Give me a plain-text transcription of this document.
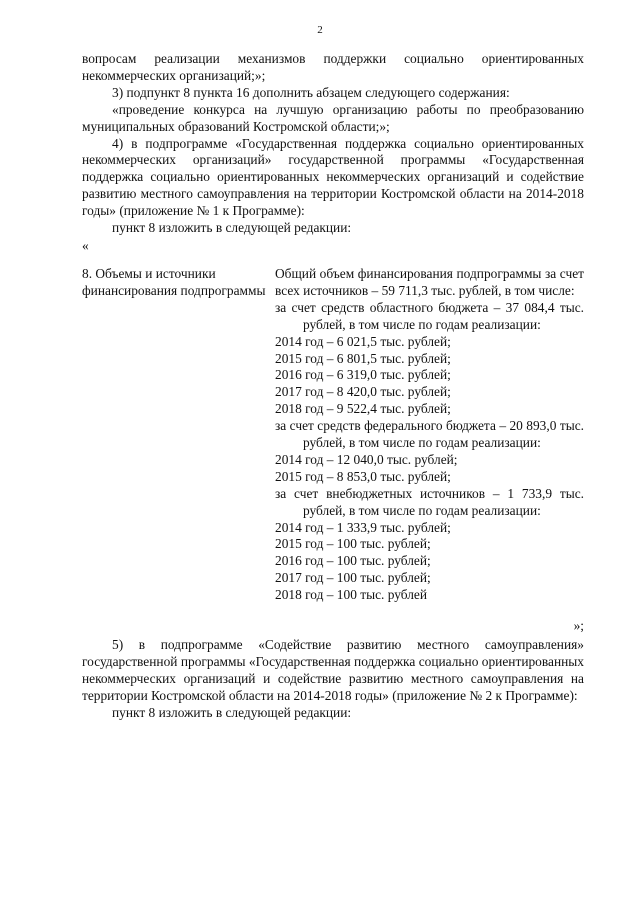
2

вопросам реализации механизмов поддержки социально ориентированных некоммерческих организаций;»;

3) подпункт 8 пункта 16 дополнить абзацем следующего содержания:

«проведение конкурса на лучшую организацию работы по преобразованию муниципальных образований Костромской области;»;

4) в подпрограмме «Государственная поддержка социально ориентированных некоммерческих организаций» государственной программы «Государственная поддержка социально ориентированных некоммерческих организаций и содействие развитию местного самоуправления на территории Костромской области на 2014-2018 годы» (приложение № 1 к Программе):

пункт 8 изложить в следующей редакции:

«

8. Объемы и источники финансирования подпрограммы

Общий объем финансирования подпрограммы за счет всех источников – 59 711,3 тыс. рублей, в том числе:

за счет средств областного бюджета – 37 084,4 тыс. рублей, в том числе по годам реализации:

2014 год – 6 021,5 тыс. рублей;
2015 год – 6 801,5 тыс. рублей;
2016 год – 6 319,0 тыс. рублей;
2017 год – 8 420,0 тыс. рублей;
2018 год – 9 522,4 тыс. рублей;

за счет средств федерального бюджета – 20 893,0 тыс. рублей, в том числе по годам реализации:

2014 год – 12 040,0 тыс. рублей;
2015 год – 8 853,0 тыс. рублей;

за счет внебюджетных источников – 1 733,9 тыс. рублей, в том числе по годам реализации:

2014 год – 1 333,9 тыс. рублей;
2015 год – 100 тыс. рублей;
2016 год – 100 тыс. рублей;
2017 год – 100 тыс. рублей;
2018 год – 100 тыс. рублей

»;

5) в подпрограмме «Содействие развитию местного самоуправления» государственной программы «Государственная поддержка социально ориентированных некоммерческих организаций и содействие развитию местного самоуправления на территории Костромской области на 2014-2018 годы» (приложение № 2 к Программе):

пункт 8 изложить в следующей редакции:
